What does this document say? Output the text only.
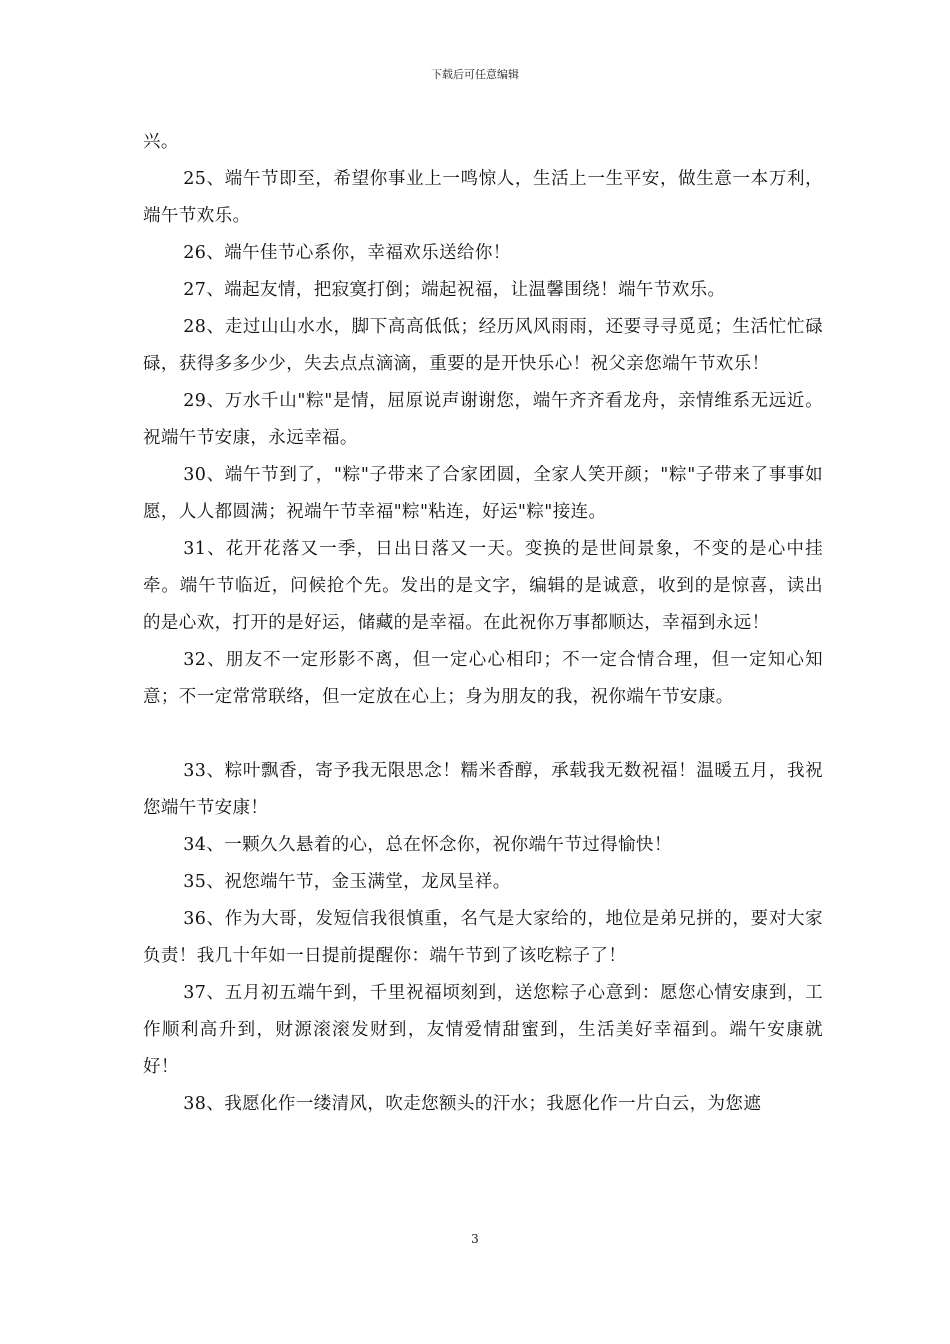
下载后可任意编辑

兴。

25、端午节即至，希望你事业上一鸣惊人，生活上一生平安，做生意一本万利，端午节欢乐。

26、端午佳节心系你，幸福欢乐送给你！

27、端起友情，把寂寞打倒；端起祝福，让温馨围绕！端午节欢乐。

28、走过山山水水，脚下高高低低；经历风风雨雨，还要寻寻觅觅；生活忙忙碌碌，获得多多少少，失去点点滴滴，重要的是开快乐心！祝父亲您端午节欢乐！

29、万水千山"粽"是情，屈原说声谢谢您，端午齐齐看龙舟，亲情维系无远近。祝端午节安康，永远幸福。

30、端午节到了，"粽"子带来了合家团圆，全家人笑开颜；"粽"子带来了事事如愿，人人都圆满；祝端午节幸福"粽"粘连，好运"粽"接连。

31、花开花落又一季，日出日落又一天。变换的是世间景象，不变的是心中挂牵。端午节临近，问候抢个先。发出的是文字，编辑的是诚意，收到的是惊喜，读出的是心欢，打开的是好运，储藏的是幸福。在此祝你万事都顺达，幸福到永远！

32、朋友不一定形影不离，但一定心心相印；不一定合情合理，但一定知心知意；不一定常常联络，但一定放在心上；身为朋友的我，祝你端午节安康。

33、粽叶飘香，寄予我无限思念！糯米香醇，承载我无数祝福！温暖五月，我祝您端午节安康！

34、一颗久久悬着的心，总在怀念你，祝你端午节过得愉快！

35、祝您端午节，金玉满堂，龙凤呈祥。

36、作为大哥，发短信我很慎重，名气是大家给的，地位是弟兄拼的，要对大家负责！我几十年如一日提前提醒你：端午节到了该吃粽子了！

37、五月初五端午到，千里祝福顷刻到，送您粽子心意到：愿您心情安康到，工作顺利高升到，财源滚滚发财到，友情爱情甜蜜到，生活美好幸福到。端午安康就好！

38、我愿化作一缕清风，吹走您额头的汗水；我愿化作一片白云，为您遮

3
